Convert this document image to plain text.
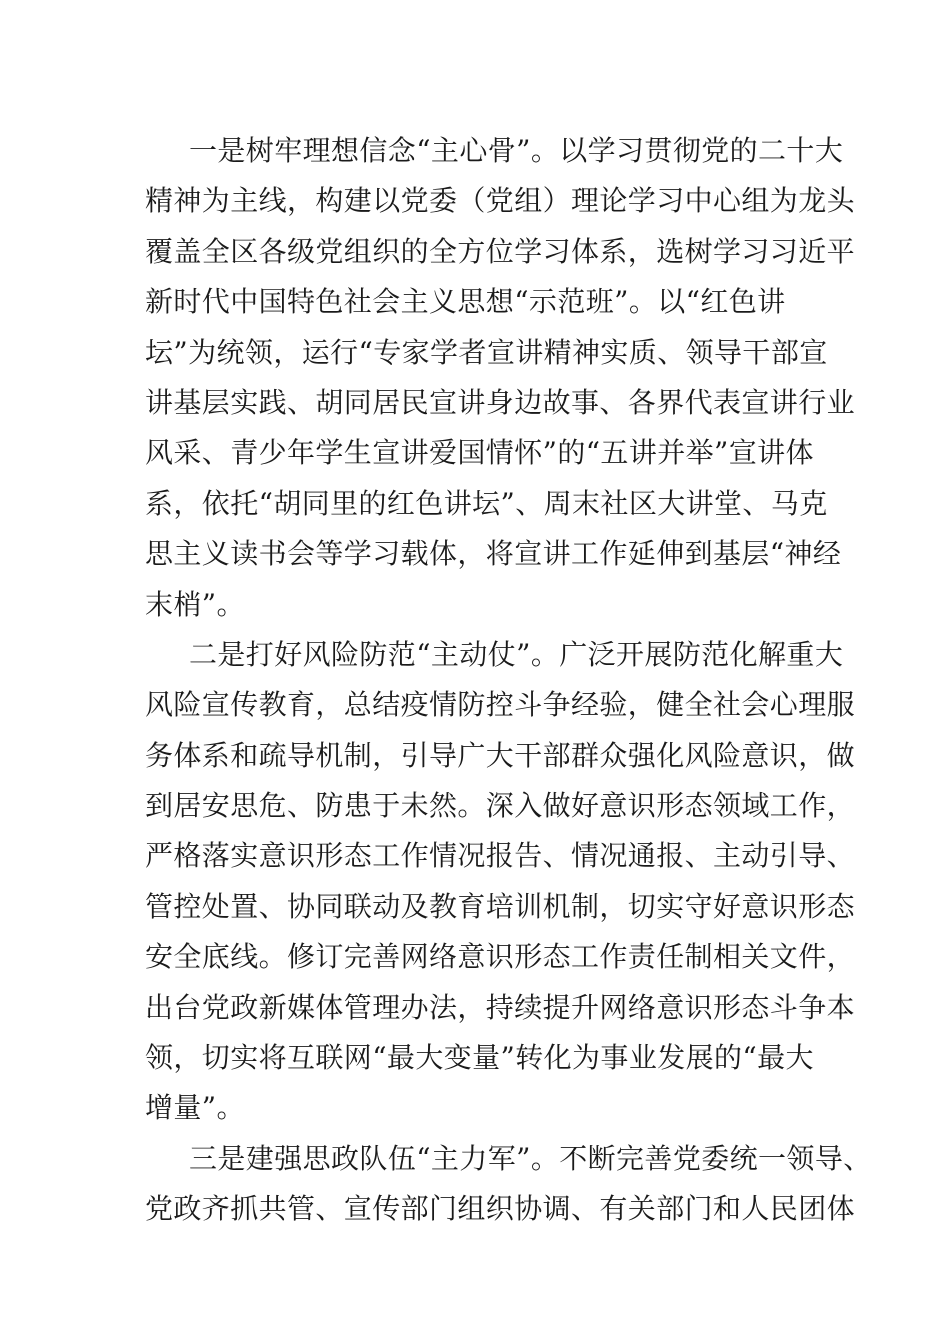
一是树牢理想信念“主心骨”。以学习贯彻党的二十大
精神为主线，构建以党委（党组）理论学习中心组为龙头
覆盖全区各级党组织的全方位学习体系，选树学习习近平
新时代中国特色社会主义思想“示范班”。以“红色讲
坛”为统领，运行“专家学者宣讲精神实质、领导干部宣
讲基层实践、胡同居民宣讲身边故事、各界代表宣讲行业
风采、青少年学生宣讲爱国情怀”的“五讲并举”宣讲体
系，依托“胡同里的红色讲坛”、周末社区大讲堂、马克
思主义读书会等学习载体，将宣讲工作延伸到基层“神经
末梢”。
二是打好风险防范“主动仗”。广泛开展防范化解重大
风险宣传教育，总结疫情防控斗争经验，健全社会心理服
务体系和疏导机制，引导广大干部群众强化风险意识，做
到居安思危、防患于未然。深入做好意识形态领域工作，
严格落实意识形态工作情况报告、情况通报、主动引导、
管控处置、协同联动及教育培训机制，切实守好意识形态
安全底线。修订完善网络意识形态工作责任制相关文件，
出台党政新媒体管理办法，持续提升网络意识形态斗争本
领，切实将互联网“最大变量”转化为事业发展的“最大
增量”。
三是建强思政队伍“主力军”。不断完善党委统一领导、
党政齐抓共管、宣传部门组织协调、有关部门和人民团体
